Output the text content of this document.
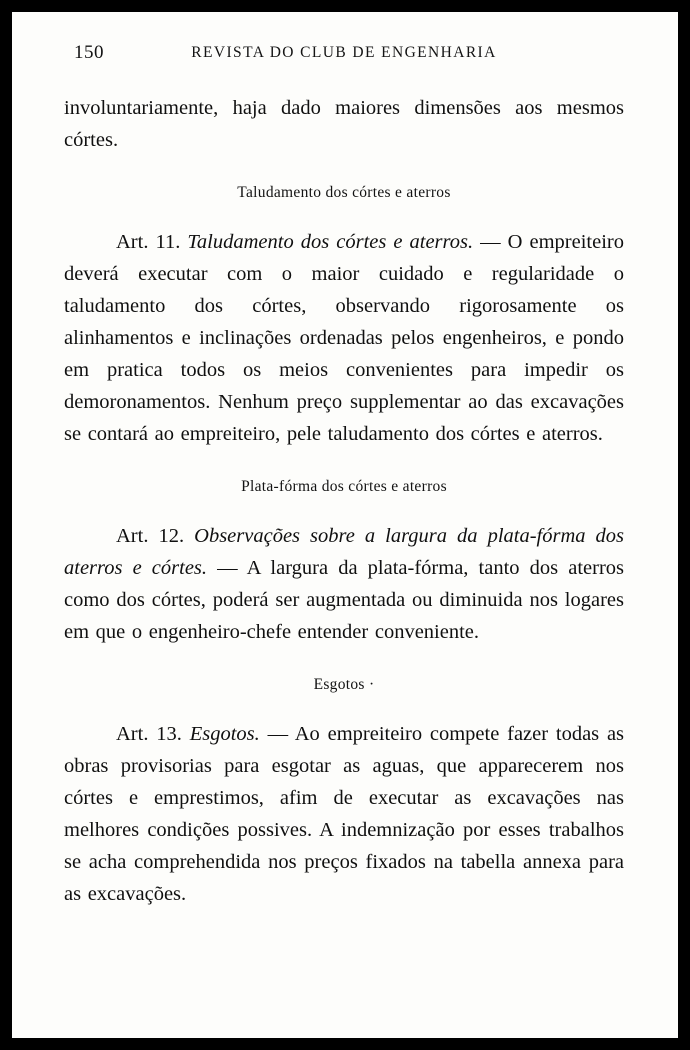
150	REVISTA DO CLUB DE ENGENHARIA

involuntariamente, haja dado maiores dimensões aos mesmos córtes.

Taludamento dos córtes e aterros

Art. 11. Taludamento dos córtes e aterros. — O empreiteiro deverá executar com o maior cuidado e regularidade o taludamento dos córtes, observando rigorosamente os alinhamentos e inclinações ordenadas pelos engenheiros, e pondo em pratica todos os meios convenientes para impedir os demoronamentos. Nenhum preço supplementar ao das excavações se contará ao empreiteiro, pele taludamento dos córtes e aterros.

Plata-fórma dos córtes e aterros

Art. 12. Observações sobre a largura da plata-fórma dos aterros e córtes. — A largura da plata-fórma, tanto dos aterros como dos córtes, poderá ser augmentada ou diminuida nos logares em que o engenheiro-chefe entender conveniente.

Esgotos ·

Art. 13. Esgotos. — Ao empreiteiro compete fazer todas as obras provisorias para esgotar as aguas, que apparecerem nos córtes e emprestimos, afim de executar as excavações nas melhores condições possives. A indemnização por esses trabalhos se acha comprehendida nos preços fixados na tabella annexa para as excavações.
